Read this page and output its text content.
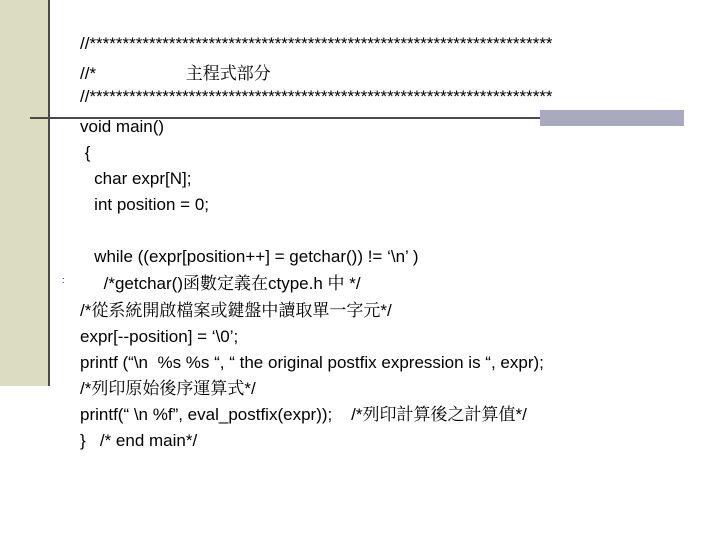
:
//**********************************************************************
//*                   主程式部分
//**********************************************************************
void main()
{
char expr[N];
int position = 0;
while ((expr[position++] = getchar()) != ‘\n’ )
/*getchar()函數定義在ctype.h 中 */
/*從系統開啟檔案或鍵盤中讀取單一字元*/
expr[--position] = ‘\0’;
printf (“\n  %s %s “, “ the original postfix expression is “, expr);
/*列印原始後序運算式*/
printf(“ \n %f”, eval_postfix(expr));    /*列印計算後之計算值*/
}   /* end main*/
